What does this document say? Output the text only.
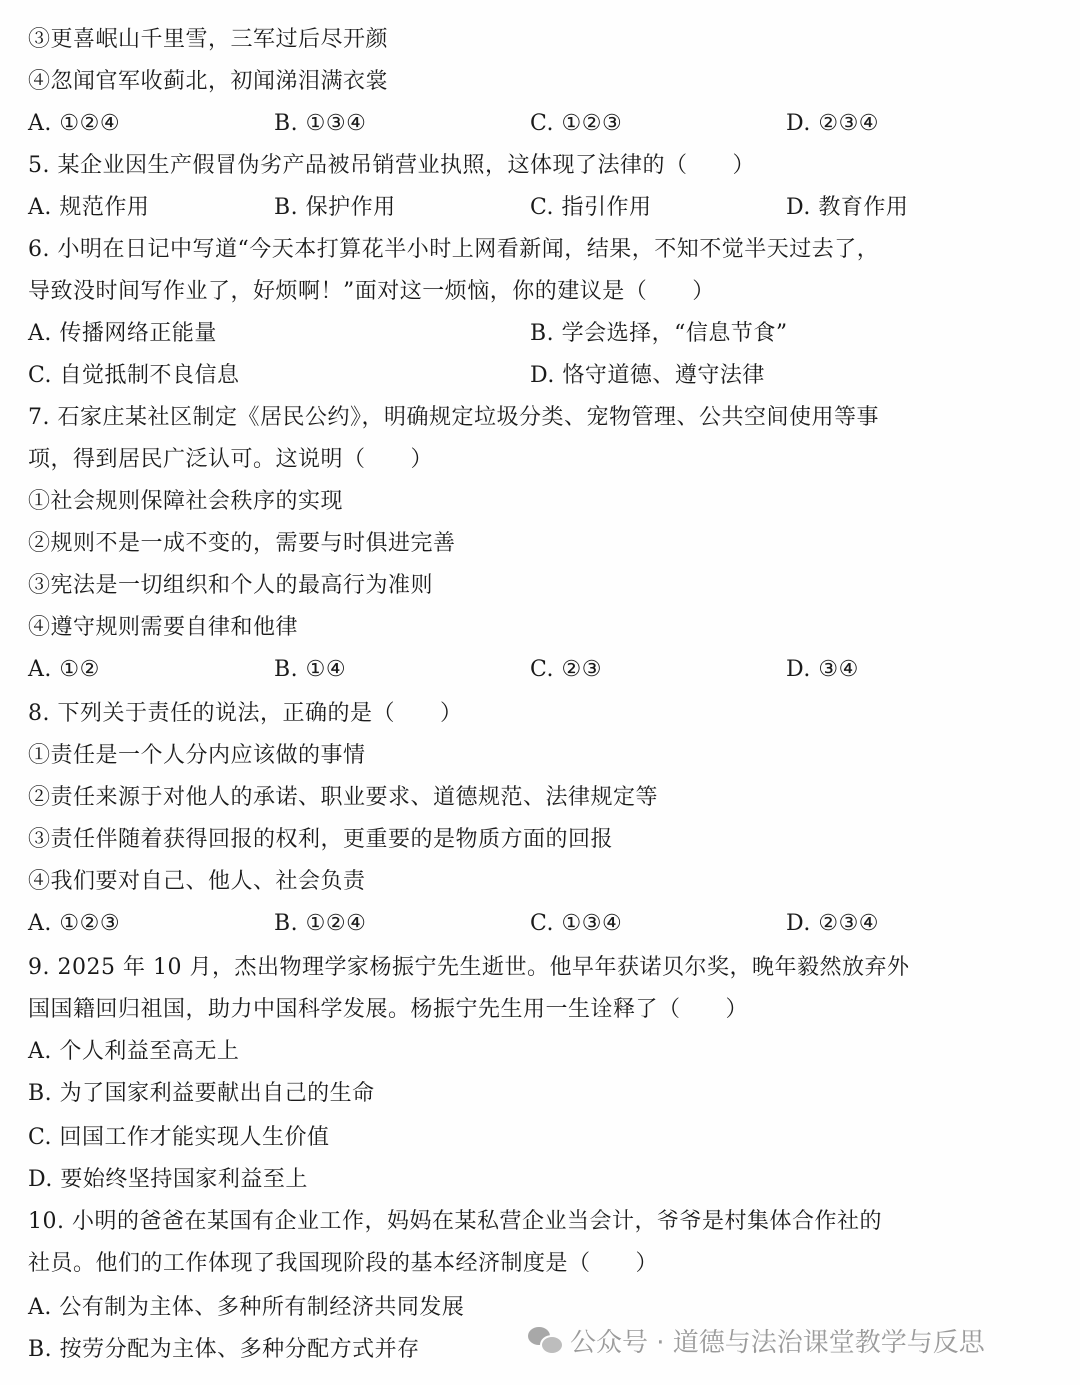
③更喜岷山千里雪，三军过后尽开颜
④忽闻官军收蓟北，初闻涕泪满衣裳
A. ①②④	B. ①③④	C. ①②③	D. ②③④
5. 某企业因生产假冒伪劣产品被吊销营业执照，这体现了法律的（　　）
A. 规范作用	B. 保护作用	C. 指引作用	D. 教育作用
6. 小明在日记中写道“今天本打算花半小时上网看新闻，结果，不知不觉半天过去了，
导致没时间写作业了，好烦啊！”面对这一烦恼，你的建议是（　　）
A. 传播网络正能量	B. 学会选择，“信息节食”
C. 自觉抵制不良信息	D. 恪守道德、遵守法律
7. 石家庄某社区制定《居民公约》，明确规定垃圾分类、宠物管理、公共空间使用等事
项，得到居民广泛认可。这说明（　　）
①社会规则保障社会秩序的实现
②规则不是一成不变的，需要与时俱进完善
③宪法是一切组织和个人的最高行为准则
④遵守规则需要自律和他律
A. ①②	B. ①④	C. ②③	D. ③④
8. 下列关于责任的说法，正确的是（　　）
①责任是一个人分内应该做的事情
②责任来源于对他人的承诺、职业要求、道德规范、法律规定等
③责任伴随着获得回报的权利，更重要的是物质方面的回报
④我们要对自己、他人、社会负责
A. ①②③	B. ①②④	C. ①③④	D. ②③④
9. 2025 年 10 月，杰出物理学家杨振宁先生逝世。他早年获诺贝尔奖，晚年毅然放弃外
国国籍回归祖国，助力中国科学发展。杨振宁先生用一生诠释了（　　）
A. 个人利益至高无上
B. 为了国家利益要献出自己的生命
C. 回国工作才能实现人生价值
D. 要始终坚持国家利益至上
10. 小明的爸爸在某国有企业工作，妈妈在某私营企业当会计，爷爷是村集体合作社的
社员。他们的工作体现了我国现阶段的基本经济制度是（　　）
A. 公有制为主体、多种所有制经济共同发展
B. 按劳分配为主体、多种分配方式并存	公众号 · 道德与法治课堂教学与反思
